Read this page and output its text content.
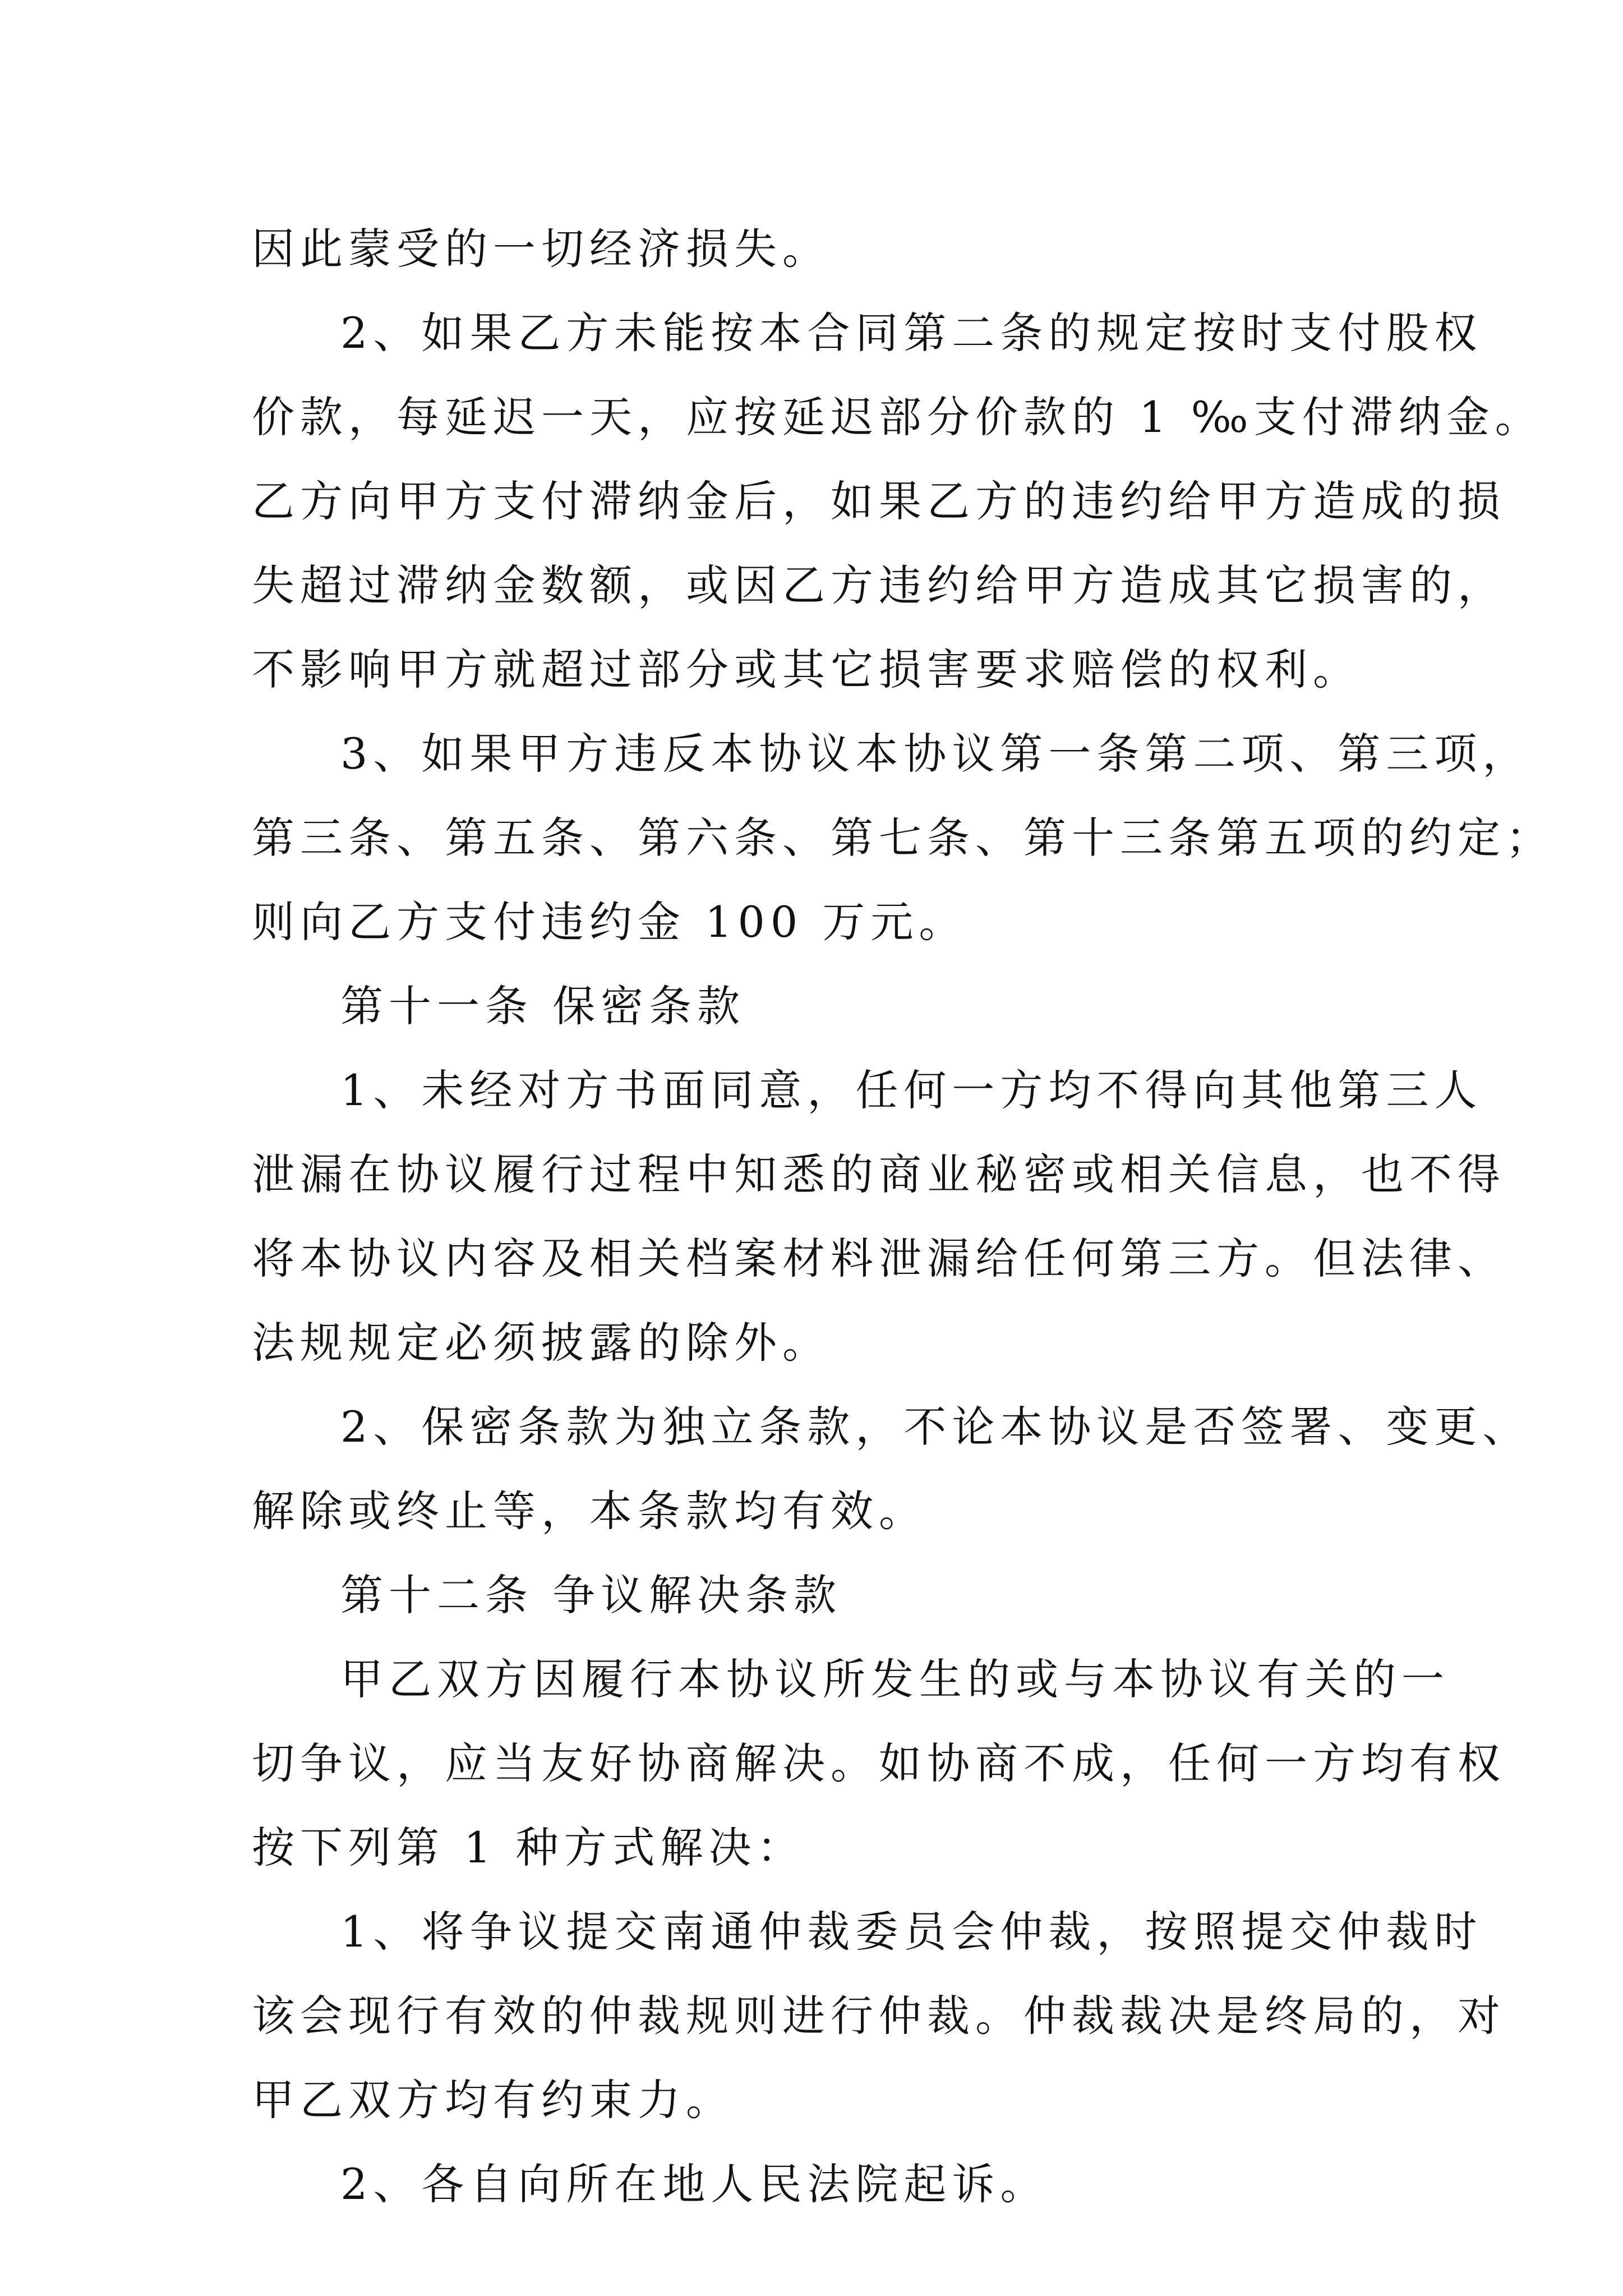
因此蒙受的一切经济损失。

2、如果乙方未能按本合同第二条的规定按时支付股权

价款，每延迟一天，应按延迟部分价款的 1 ‰支付滞纳金。

乙方向甲方支付滞纳金后，如果乙方的违约给甲方造成的损

失超过滞纳金数额，或因乙方违约给甲方造成其它损害的，

不影响甲方就超过部分或其它损害要求赔偿的权利。

3、如果甲方违反本协议本协议第一条第二项、第三项，

第三条、第五条、第六条、第七条、第十三条第五项的约定；

则向乙方支付违约金 100 万元。

第十一条 保密条款

1、未经对方书面同意，任何一方均不得向其他第三人

泄漏在协议履行过程中知悉的商业秘密或相关信息，也不得

将本协议内容及相关档案材料泄漏给任何第三方。但法律、

法规规定必须披露的除外。

2、保密条款为独立条款，不论本协议是否签署、变更、

解除或终止等，本条款均有效。

第十二条 争议解决条款

甲乙双方因履行本协议所发生的或与本协议有关的一

切争议，应当友好协商解决。如协商不成，任何一方均有权

按下列第 1 种方式解决：

1、将争议提交南通仲裁委员会仲裁，按照提交仲裁时

该会现行有效的仲裁规则进行仲裁。仲裁裁决是终局的，对

甲乙双方均有约束力。

2、各自向所在地人民法院起诉。
